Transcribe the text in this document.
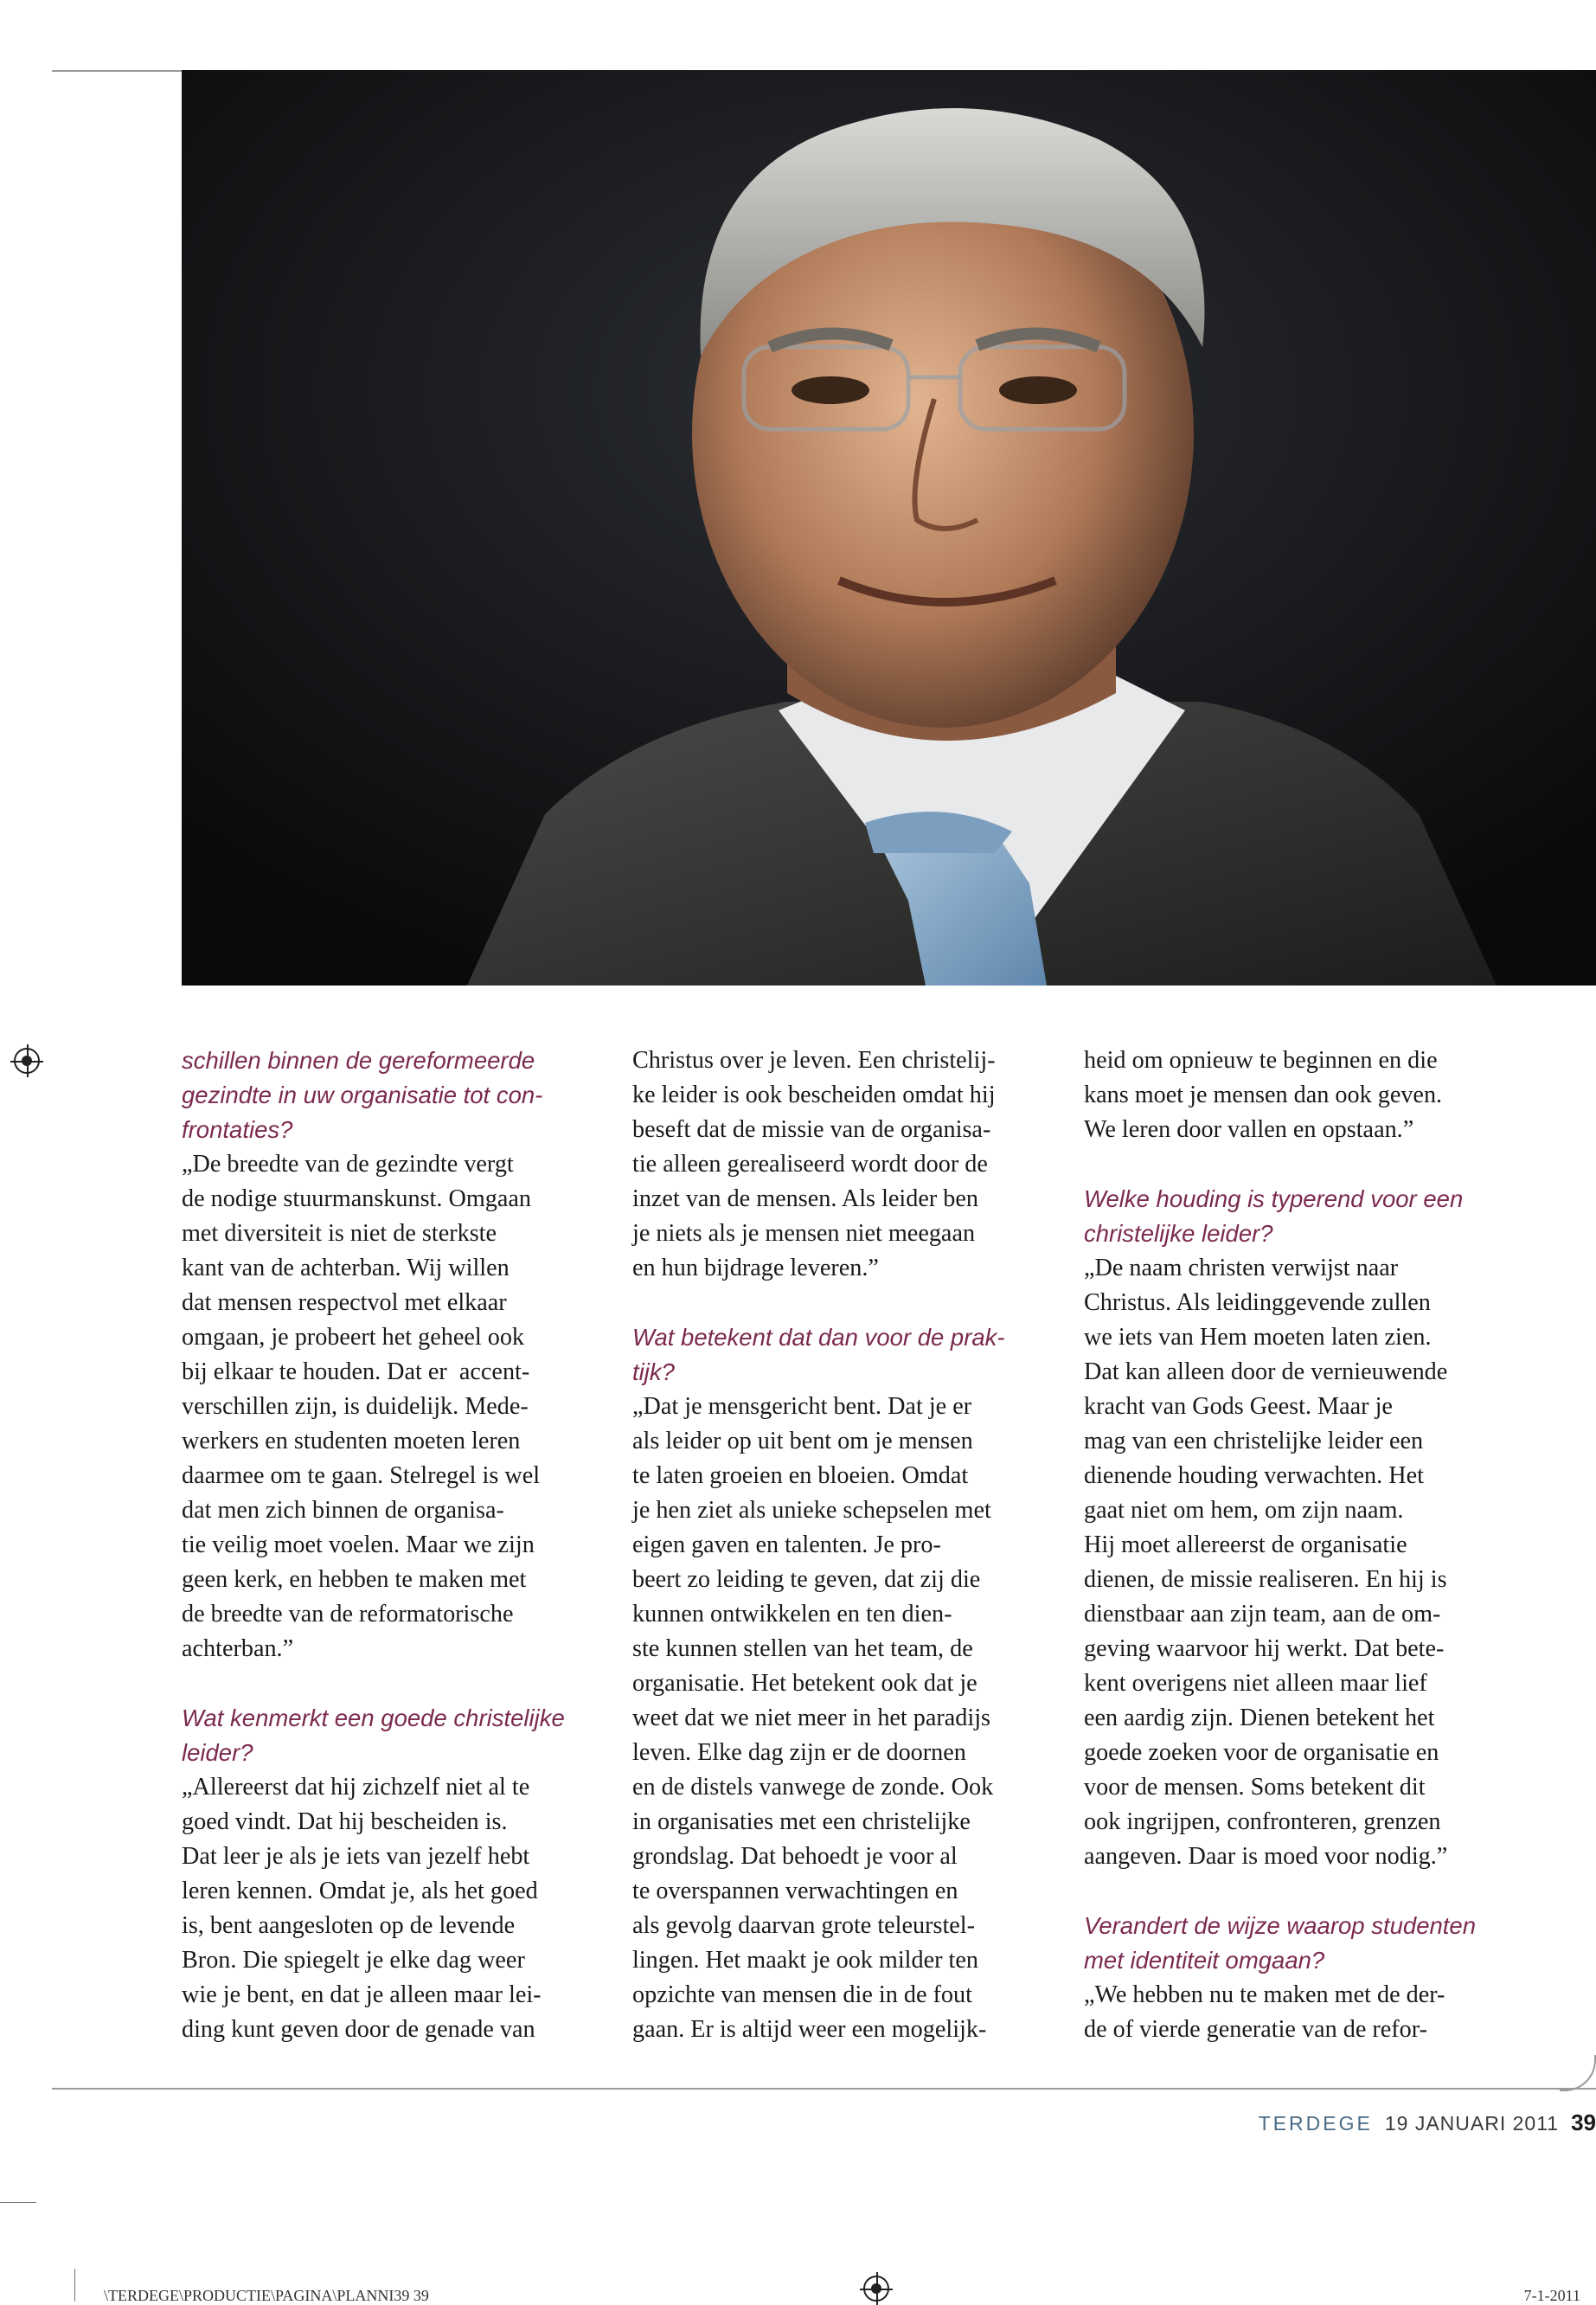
schillen binnen de gereformeerde

gezindte in uw organisatie tot con-

frontaties?

„De breedte van de gezindte vergt

de nodige stuurmanskunst. Omgaan

met diversiteit is niet de sterkste

kant van de achterban. Wij willen

dat mensen respectvol met elkaar

omgaan, je probeert het geheel ook

bij elkaar te houden. Dat er  accent-

verschillen zijn, is duidelijk. Mede-

werkers en studenten moeten leren

daarmee om te gaan. Stelregel is wel

dat men zich binnen de organisa-

tie veilig moet voelen. Maar we zijn

geen kerk, en hebben te maken met

de breedte van de reformatorische

achterban.”

Wat kenmerkt een goede christelijke

leider?

„Allereerst dat hij zichzelf niet al te

goed vindt. Dat hij bescheiden is.

Dat leer je als je iets van jezelf hebt

leren kennen. Omdat je, als het goed

is, bent aangesloten op de levende

Bron. Die spiegelt je elke dag weer

wie je bent, en dat je alleen maar lei-

ding kunt geven door de genade van

Christus over je leven. Een christelij-

ke leider is ook bescheiden omdat hij

beseft dat de missie van de organisa-

tie alleen gerealiseerd wordt door de

inzet van de mensen. Als leider ben

je niets als je mensen niet meegaan

en hun bijdrage leveren.”

Wat betekent dat dan voor de prak-

tijk?

„Dat je mensgericht bent. Dat je er

als leider op uit bent om je mensen

te laten groeien en bloeien. Omdat

je hen ziet als unieke schepselen met

eigen gaven en talenten. Je pro-

beert zo leiding te geven, dat zij die

kunnen ontwikkelen en ten dien-

ste kunnen stellen van het team, de

organisatie. Het betekent ook dat je

weet dat we niet meer in het paradijs

leven. Elke dag zijn er de doornen

en de distels vanwege de zonde. Ook

in organisaties met een christelijke

grondslag. Dat behoedt je voor al

te overspannen verwachtingen en

als gevolg daarvan grote teleurstel-

lingen. Het maakt je ook milder ten

opzichte van mensen die in de fout

gaan. Er is altijd weer een mogelijk-

heid om opnieuw te beginnen en die

kans moet je mensen dan ook geven.

We leren door vallen en opstaan.”

Welke houding is typerend voor een

christelijke leider?

„De naam christen verwijst naar

Christus. Als leidinggevende zullen

we iets van Hem moeten laten zien.

Dat kan alleen door de vernieuwende

kracht van Gods Geest. Maar je

mag van een christelijke leider een

dienende houding verwachten. Het

gaat niet om hem, om zijn naam.

Hij moet allereerst de organisatie

dienen, de missie realiseren. En hij is

dienstbaar aan zijn team, aan de om-

geving waarvoor hij werkt. Dat bete-

kent overigens niet alleen maar lief

een aardig zijn. Dienen betekent het

goede zoeken voor de organisatie en

voor de mensen. Soms betekent dit

ook ingrijpen, confronteren, grenzen

aangeven. Daar is moed voor nodig.”

Verandert de wijze waarop studenten

met identiteit omgaan?

„We hebben nu te maken met de der-

de of vierde generatie van de refor-

TERDEGE 19 JANUARI 2011 39
\TERDEGE\PRODUCTIE\PAGINA\PLANNI39 39	7-1-2011
